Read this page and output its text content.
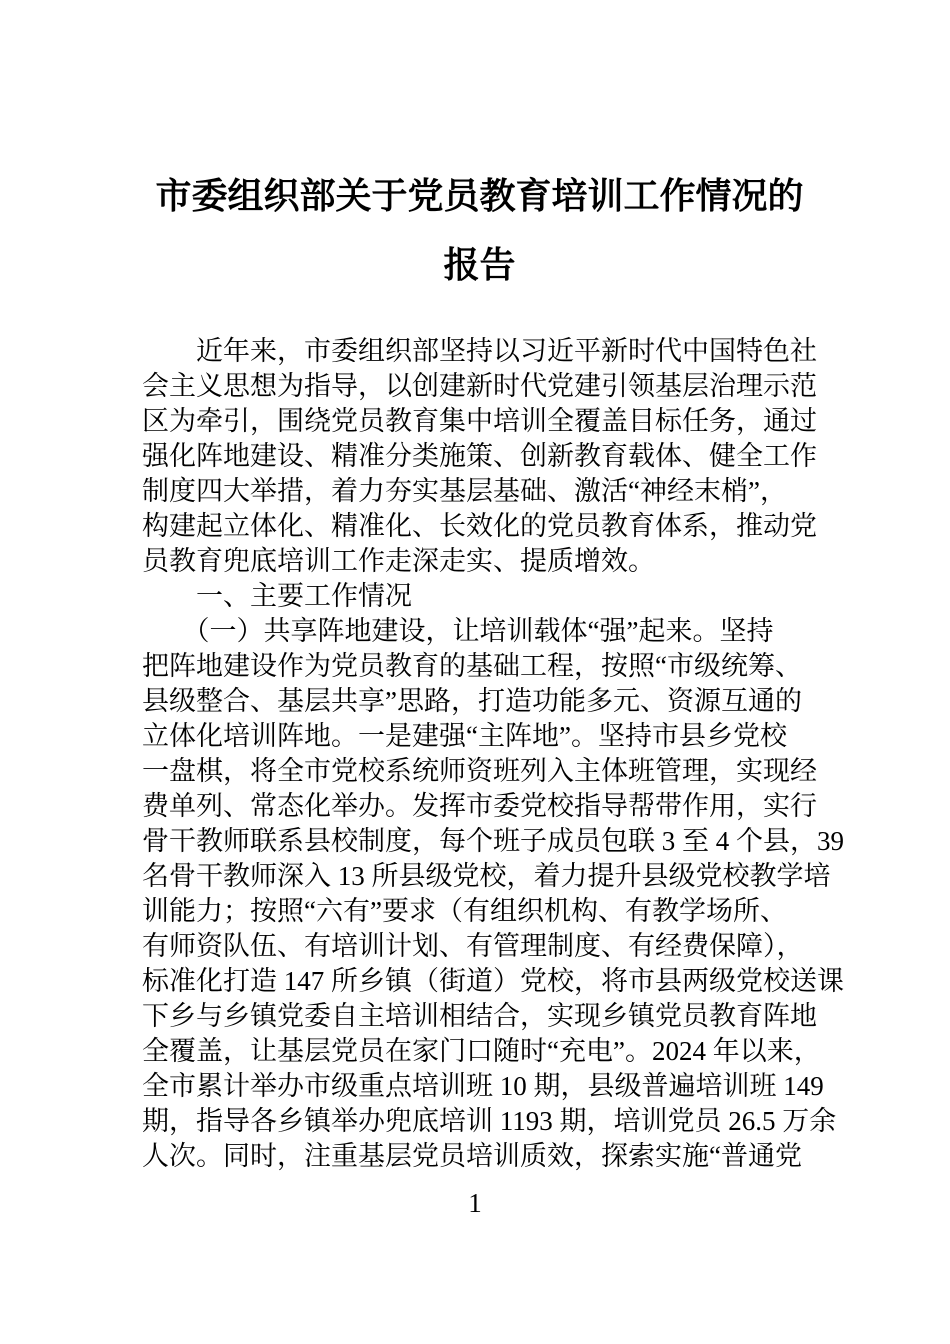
市委组织部关于党员教育培训工作情况的
报告
　　近年来，市委组织部坚持以习近平新时代中国特色社
会主义思想为指导，以创建新时代党建引领基层治理示范
区为牵引，围绕党员教育集中培训全覆盖目标任务，通过
强化阵地建设、精准分类施策、创新教育载体、健全工作
制度四大举措，着力夯实基层基础、激活“神经末梢”，
构建起立体化、精准化、长效化的党员教育体系，推动党
员教育兜底培训工作走深走实、提质增效。
　　一、主要工作情况
　　（一）共享阵地建设，让培训载体“强”起来。坚持
把阵地建设作为党员教育的基础工程，按照“市级统筹、
县级整合、基层共享”思路，打造功能多元、资源互通的
立体化培训阵地。一是建强“主阵地”。坚持市县乡党校
一盘棋，将全市党校系统师资班列入主体班管理，实现经
费单列、常态化举办。发挥市委党校指导帮带作用，实行
骨干教师联系县校制度，每个班子成员包联 3 至 4 个县，39
名骨干教师深入 13 所县级党校，着力提升县级党校教学培
训能力；按照“六有”要求（有组织机构、有教学场所、
有师资队伍、有培训计划、有管理制度、有经费保障），
标准化打造 147 所乡镇（街道）党校，将市县两级党校送课
下乡与乡镇党委自主培训相结合，实现乡镇党员教育阵地
全覆盖，让基层党员在家门口随时“充电”。2024 年以来，
全市累计举办市级重点培训班 10 期，县级普遍培训班 149
期，指导各乡镇举办兜底培训 1193 期，培训党员 26.5 万余
人次。同时，注重基层党员培训质效，探索实施“普通党
1
